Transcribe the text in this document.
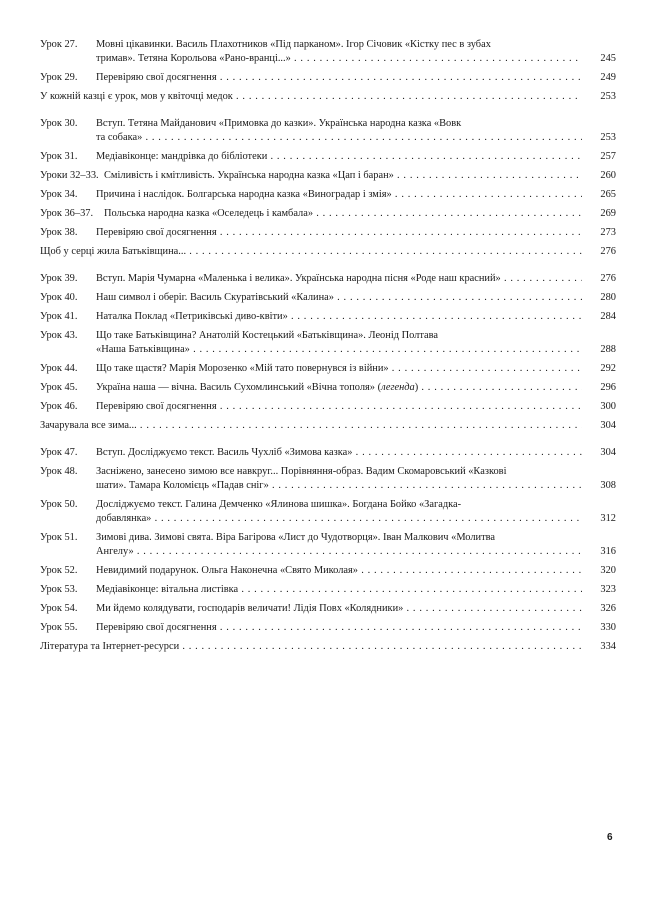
Урок 27.	Мовні цікавинки. Василь Плахотников «Під парканом». Ігор Січовик «Кістку пес в зубах
тримав». Тетяна Корольова «Рано-вранці...» . . .	245
Урок 29.	Перевіряю свої досягнення . . .	249
У кожній казці є урок, мов у квіточці медок . . .	253
Урок 30.	Вступ. Тетяна Майданович «Примовка до казки». Українська народна казка «Вовк
та собака» . . .	253
Урок 31.	Медіавіконце: мандрівка до бібліотеки . . .	257
Уроки 32–33. Сміливість і кмітливість. Українська народна казка «Цап і баран» . . .	260
Урок 34.	Причина і наслідок. Болгарська народна казка «Виноградар і змія» . . .	265
Урок 36–37. Польська народна казка «Оселедець і камбала» . . .	269
Урок 38.	Перевіряю свої досягнення . . .	273
Щоб у серці жила Батьківщина... . . .	276
Урок 39.	Вступ. Марія Чумарна «Маленька і велика». Українська народна пісня «Роде наш красний» . . .	276
Урок 40.	Наш символ і оберіг. Василь Скуратівський «Калина» . . .	280
Урок 41.	Наталка Поклад «Петриківські диво-квіти» . . .	284
Урок 43.	Що таке Батьківщина? Анатолій Костецький «Батьківщина». Леонід Полтава
«Наша Батьківщина» . . .	288
Урок 44.	Що таке щастя? Марія Морозенко «Мій тато повернувся із війни» . . .	292
Урок 45.	Україна наша — вічна. Василь Сухомлинський «Вічна тополя» (легенда) . . .	296
Урок 46.	Перевіряю свої досягнення . . .	300
Зачарувала все зима... . . .	304
Урок 47.	Вступ. Досліджуємо текст. Василь Чухліб «Зимова казка» . . .	304
Урок 48.	Засніжено, занесено зимою все навкруг... Порівняння-образ. Вадим Скомаровський «Казкові
шати». Тамара Коломієць «Падав сніг» . . .	308
Урок 50.	Досліджуємо текст. Галина Демченко «Ялинова шишка». Богдана Бойко «Загадка-
добавлянка» . . .	312
Урок 51.	Зимові дива. Зимові свята. Віра Багірова «Лист до Чудотворця». Іван Малкович «Молитва
Ангелу» . . .	316
Урок 52.	Невидимий подарунок. Ольга Наконечна «Свято Миколая» . . .	320
Урок 53.	Медіавіконце: вітальна листівка . . .	323
Урок 54.	Ми йдемо колядувати, господарів величати! Лідія Повх «Колядники» . . .	326
Урок 55.	Перевіряю свої досягнення . . .	330
Література та Інтернет-ресурси . . .	334
6
